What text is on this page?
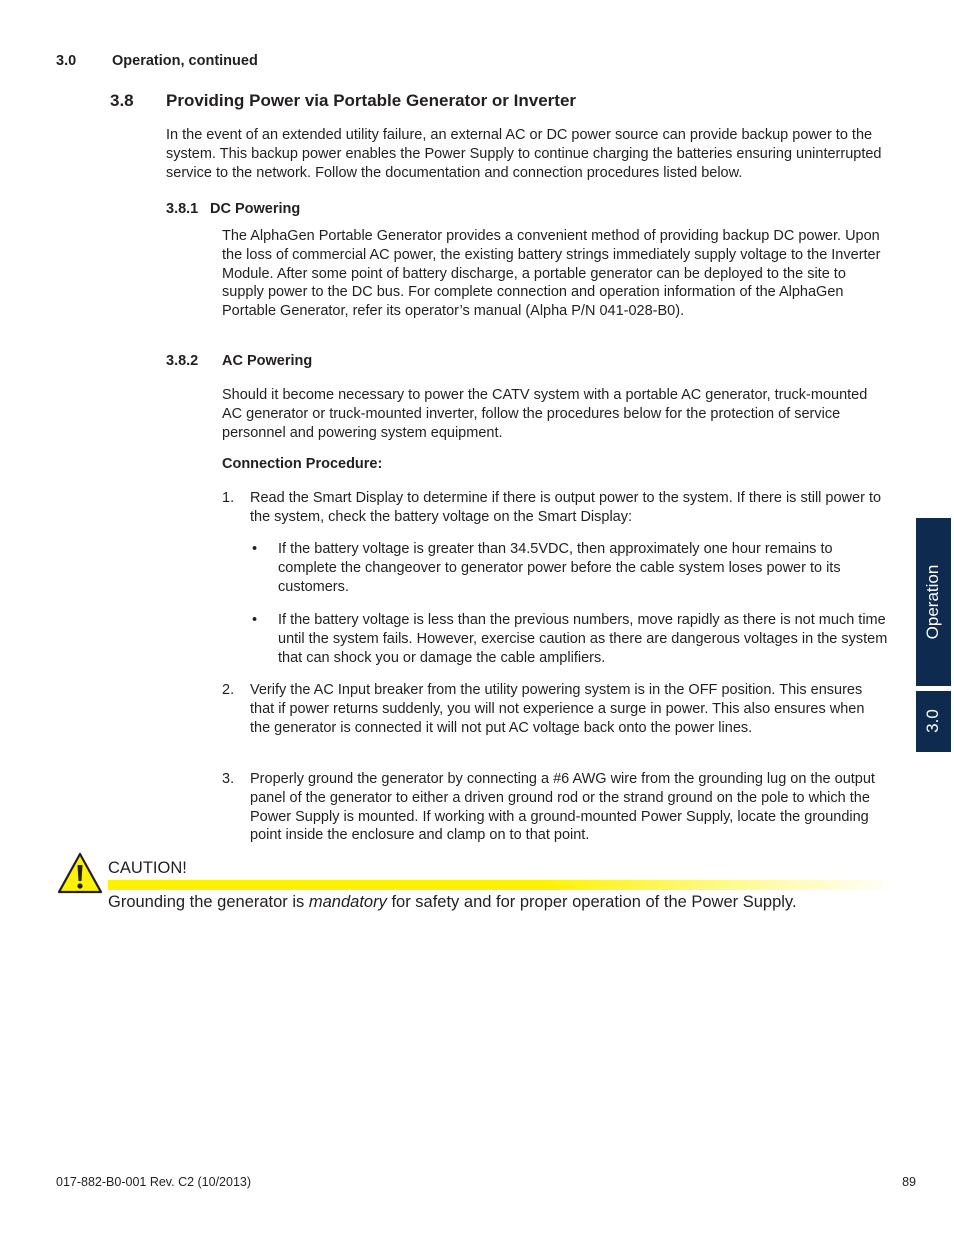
3.0 Operation, continued
3.8 Providing Power via Portable Generator or Inverter
In the event of an extended utility failure, an external AC or DC power source can provide backup power to the system. This backup power enables the Power Supply to continue charging the batteries ensuring uninterrupted service to the network. Follow the documentation and connection procedures listed below.
3.8.1 DC Powering
The AlphaGen Portable Generator provides a convenient method of providing backup DC power. Upon the loss of commercial AC power, the existing battery strings immediately supply voltage to the Inverter Module. After some point of battery discharge, a portable generator can be deployed to the site to supply power to the DC bus. For complete connection and operation information of the AlphaGen Portable Generator, refer its operator’s manual (Alpha P/N 041-028-B0).
3.8.2 AC Powering
Should it become necessary to power the CATV system with a portable AC generator, truck-mounted AC generator or truck-mounted inverter, follow the procedures below for the protection of service personnel and powering system equipment.
Connection Procedure:
1. Read the Smart Display to determine if there is output power to the system. If there is still power to the system, check the battery voltage on the Smart Display:
• If the battery voltage is greater than 34.5VDC, then approximately one hour remains to complete the changeover to generator power before the cable system loses power to its customers.
• If the battery voltage is less than the previous numbers, move rapidly as there is not much time until the system fails. However, exercise caution as there are dangerous voltages in the system that can shock you or damage the cable amplifiers.
2. Verify the AC Input breaker from the utility powering system is in the OFF position. This ensures that if power returns suddenly, you will not experience a surge in power. This also ensures when the generator is connected it will not put AC voltage back onto the power lines.
3. Properly ground the generator by connecting a #6 AWG wire from the grounding lug on the output panel of the generator to either a driven ground rod or the strand ground on the pole to which the Power Supply is mounted. If working with a ground-mounted Power Supply, locate the grounding point inside the enclosure and clamp on to that point.
CAUTION!
Grounding the generator is mandatory for safety and for proper operation of the Power Supply.
Operation
3.0
017-882-B0-001 Rev. C2 (10/2013)	89
